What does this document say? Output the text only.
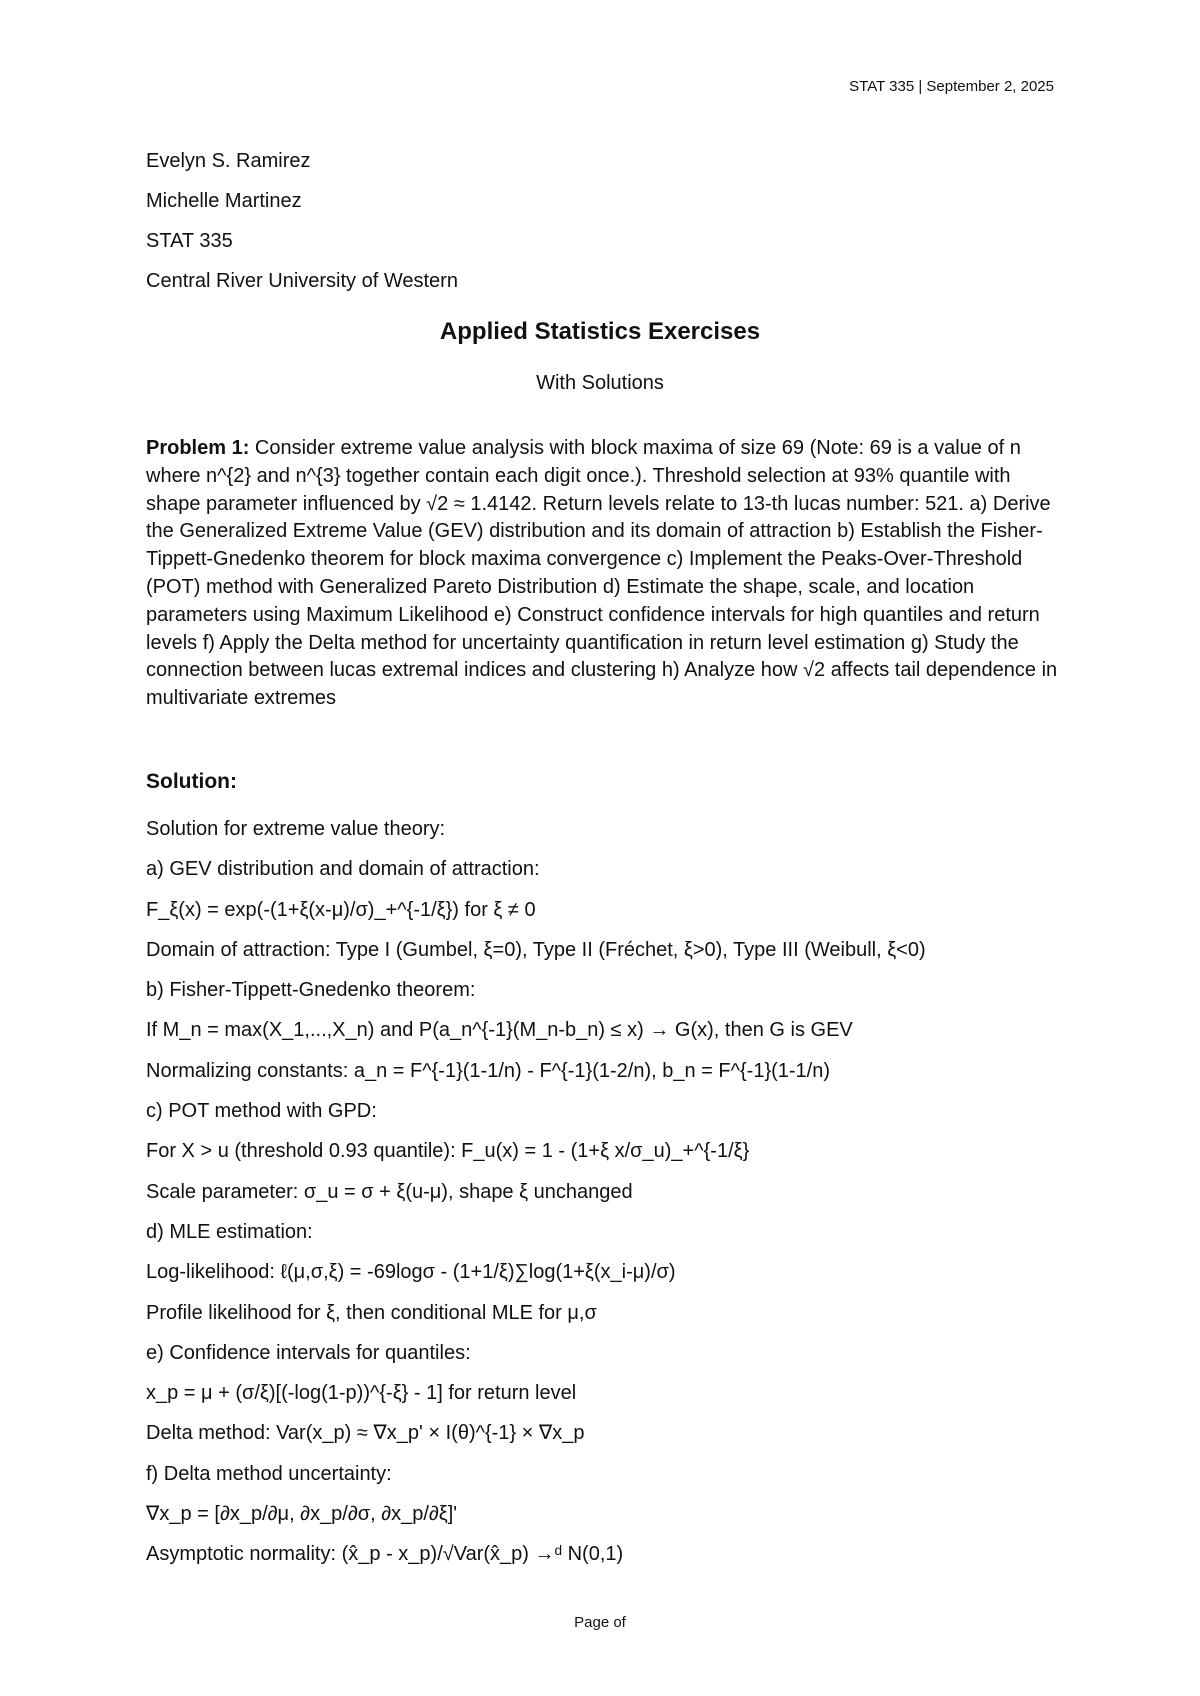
STAT 335 | September 2, 2025
Evelyn S. Ramirez
Michelle Martinez
STAT 335
Central River University of Western
Applied Statistics Exercises
With Solutions
Problem 1: Consider extreme value analysis with block maxima of size 69 (Note: 69 is a value of n where n^{2} and n^{3} together contain each digit once.). Threshold selection at 93% quantile with shape parameter influenced by √2 ≈ 1.4142. Return levels relate to 13-th lucas number: 521. a) Derive the Generalized Extreme Value (GEV) distribution and its domain of attraction b) Establish the Fisher-Tippett-Gnedenko theorem for block maxima convergence c) Implement the Peaks-Over-Threshold (POT) method with Generalized Pareto Distribution d) Estimate the shape, scale, and location parameters using Maximum Likelihood e) Construct confidence intervals for high quantiles and return levels f) Apply the Delta method for uncertainty quantification in return level estimation g) Study the connection between lucas extremal indices and clustering h) Analyze how √2 affects tail dependence in multivariate extremes
Solution:
Solution for extreme value theory:
a) GEV distribution and domain of attraction:
F_ξ(x) = exp(-(1+ξ(x-μ)/σ)_+^{-1/ξ}) for ξ ≠ 0
Domain of attraction: Type I (Gumbel, ξ=0), Type II (Fréchet, ξ>0), Type III (Weibull, ξ<0)
b) Fisher-Tippett-Gnedenko theorem:
If M_n = max(X_1,...,X_n) and P(a_n^{-1}(M_n-b_n) ≤ x) → G(x), then G is GEV
Normalizing constants: a_n = F^{-1}(1-1/n) - F^{-1}(1-2/n), b_n = F^{-1}(1-1/n)
c) POT method with GPD:
For X > u (threshold 0.93 quantile): F_u(x) = 1 - (1+ξ x/σ_u)_+^{-1/ξ}
Scale parameter: σ_u = σ + ξ(u-μ), shape ξ unchanged
d) MLE estimation:
Log-likelihood: ℓ(μ,σ,ξ) = -69logσ - (1+1/ξ)∑log(1+ξ(x_i-μ)/σ)
Profile likelihood for ξ, then conditional MLE for μ,σ
e) Confidence intervals for quantiles:
x_p = μ + (σ/ξ)[(-log(1-p))^{-ξ} - 1] for return level
Delta method: Var(x_p) ≈ ∇x_p' × I(θ)^{-1} × ∇x_p
f) Delta method uncertainty:
∇x_p = [∂x_p/∂μ, ∂x_p/∂σ, ∂x_p/∂ξ]'
Asymptotic normality: (x̂_p - x_p)/√Var(x̂_p) →ᵈ N(0,1)
Page of
